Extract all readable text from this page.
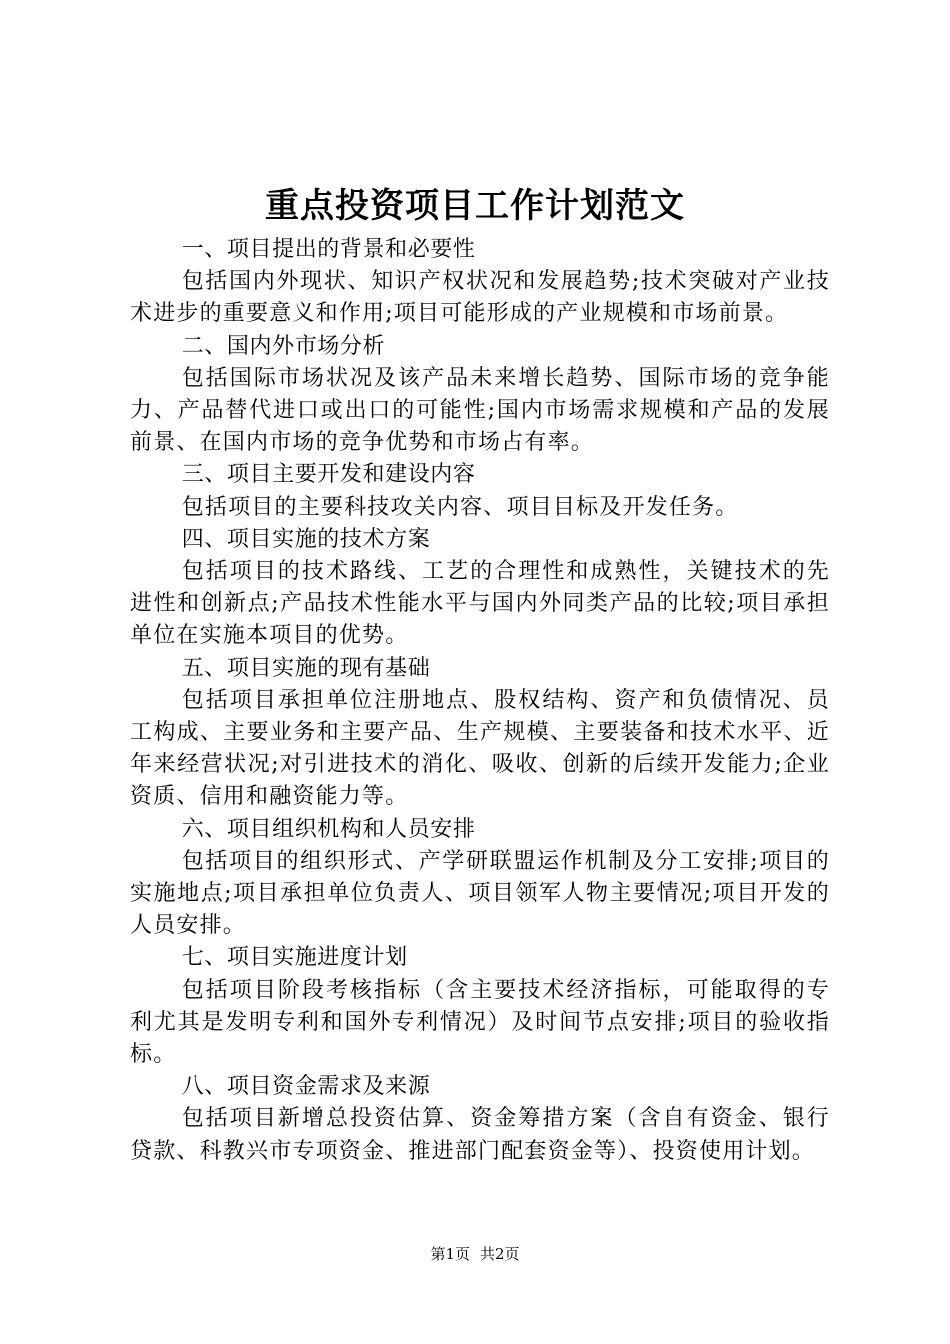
重点投资项目工作计划范文

一、项目提出的背景和必要性

包括国内外现状、知识产权状况和发展趋势;技术突破对产业技术进步的重要意义和作用;项目可能形成的产业规模和市场前景。

二、国内外市场分析

包括国际市场状况及该产品未来增长趋势、国际市场的竞争能力、产品替代进口或出口的可能性;国内市场需求规模和产品的发展前景、在国内市场的竞争优势和市场占有率。

三、项目主要开发和建设内容

包括项目的主要科技攻关内容、项目目标及开发任务。

四、项目实施的技术方案

包括项目的技术路线、工艺的合理性和成熟性，关键技术的先进性和创新点;产品技术性能水平与国内外同类产品的比较;项目承担单位在实施本项目的优势。

五、项目实施的现有基础

包括项目承担单位注册地点、股权结构、资产和负债情况、员工构成、主要业务和主要产品、生产规模、主要装备和技术水平、近年来经营状况;对引进技术的消化、吸收、创新的后续开发能力;企业资质、信用和融资能力等。

六、项目组织机构和人员安排

包括项目的组织形式、产学研联盟运作机制及分工安排;项目的实施地点;项目承担单位负责人、项目领军人物主要情况;项目开发的人员安排。

七、项目实施进度计划

包括项目阶段考核指标（含主要技术经济指标，可能取得的专利尤其是发明专利和国外专利情况）及时间节点安排;项目的验收指标。

八、项目资金需求及来源

包括项目新增总投资估算、资金筹措方案（含自有资金、银行贷款、科教兴市专项资金、推进部门配套资金等）、投资使用计划。

第1页 共2页
